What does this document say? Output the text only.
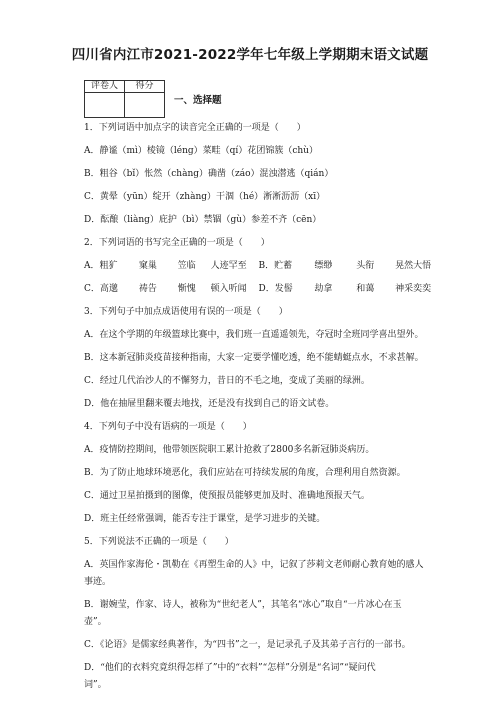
四川省内江市2021-2022学年七年级上学期期末语文试题
评卷人	得分

一、选择题
1．下列词语中加点字的读音完全正确的一项是（　　）
A．静谧（mì）棱镜（léng）菜畦（qí）花团锦簇（chù）
B．粗谷（bǐ）怅然（chàng）确凿（záo）混浊潜逃（qián）
C．黄晕（yūn）绽开（zhàng）干涸（hé）淅淅沥沥（xī）
D．酝酿（liàng）庇护（bì）禁锢（gù）参差不齐（cēn）
2．下列词语的书写完全正确的一项是（　　）
A．粗犷 窠巢 笠临 人迹罕至 B．贮蓄 缥缈	头衔 晃然大悟
C．高邈 祷告 惭愧 顿入听闻 D．发髻 劫拿	和蔼 神采奕奕
3．下列句子中加点成语使用有误的一项是（　　）
A．在这个学期的年级篮球比赛中，我们班一直遥遥领先，夺冠时全班同学喜出望外。
B．这本新冠肺炎疫苗接种指南，大家一定要学懂吃透，绝不能蜻蜓点水，不求甚解。
C．经过几代治沙人的不懈努力，昔日的不毛之地，变成了美丽的绿洲。
D．他在抽屉里翻来覆去地找，还是没有找到自己的语文试卷。
4．下列句子中没有语病的一项是（　　）
A．疫情防控期间，他带领医院职工累计抢救了2800多名新冠肺炎病历。
B．为了防止地球环境恶化，我们应站在可持续发展的角度，合理利用自然资源。
C．通过卫星拍摄到的图像，使预报员能够更加及时、准确地预报天气。
D．班主任经常强调，能否专注于课堂，是学习进步的关键。
5．下列说法不正确的一项是（　　）
A．英国作家海伦・凯勒在《再塑生命的人》中，记叙了莎莉文老师耐心教育她的感人
事迹。
B．谢婉莹，作家、诗人，被称为“世纪老人”，其笔名“冰心”取自“一片冰心在玉
壶”。
C．《论语》是儒家经典著作，为“四书”之一，是记录孔子及其弟子言行的一部书。
D．“他们的衣料究竟织得怎样了”中的“衣料”“怎样”分别是“名词”“疑问代
词”。
